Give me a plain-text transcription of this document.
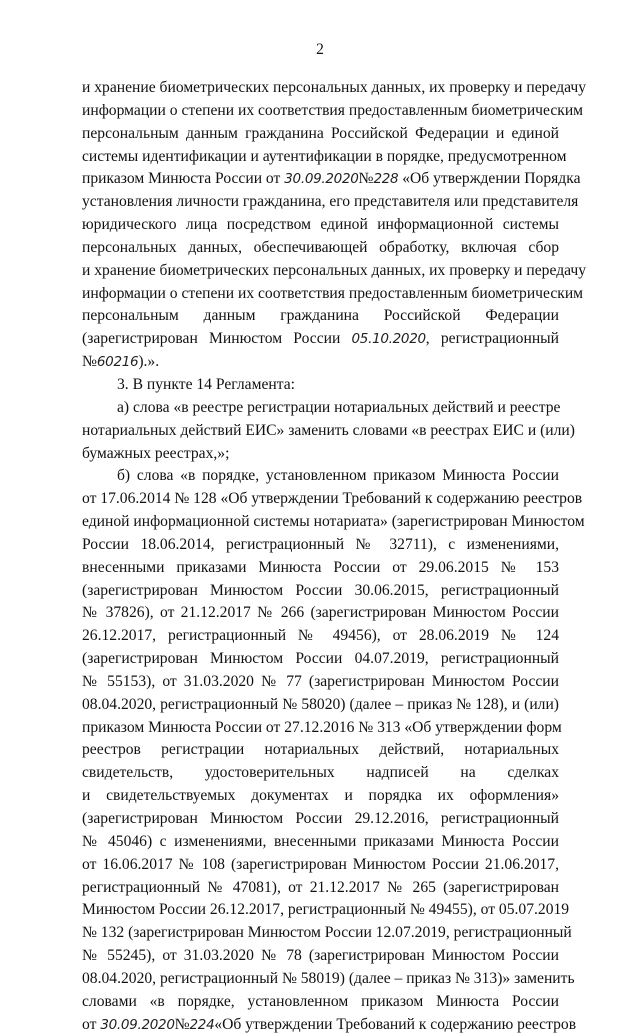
2
и хранение биометрических персональных данных, их проверку и передачу
информации о степени их соответствия предоставленным биометрическим
персональным данным гражданина Российской Федерации и единой
системы идентификации и аутентификации в порядке, предусмотренном
приказом Минюста России от 30.09.2020№228 «Об утверждении Порядка
установления личности гражданина, его представителя или представителя
юридического лица посредством единой информационной системы
персональных данных, обеспечивающей обработку, включая сбор
и хранение биометрических персональных данных, их проверку и передачу
информации о степени их соответствия предоставленным биометрическим
персональным данным гражданина Российской Федерации
(зарегистрирован Минюстом России 05.10.2020, регистрационный
№60216).».
3. В пункте 14 Регламента:
а) слова «в реестре регистрации нотариальных действий и реестре
нотариальных действий ЕИС» заменить словами «в реестрах ЕИС и (или)
бумажных реестрах,»;
б) слова «в порядке, установленном приказом Минюста России
от 17.06.2014 № 128 «Об утверждении Требований к содержанию реестров
единой информационной системы нотариата» (зарегистрирован Минюстом
России 18.06.2014, регистрационный № 32711), с изменениями,
внесенными приказами Минюста России от 29.06.2015 № 153
(зарегистрирован Минюстом России 30.06.2015, регистрационный
№ 37826), от 21.12.2017 № 266 (зарегистрирован Минюстом России
26.12.2017, регистрационный № 49456), от 28.06.2019 № 124
(зарегистрирован Минюстом России 04.07.2019, регистрационный
№ 55153), от 31.03.2020 № 77 (зарегистрирован Минюстом России
08.04.2020, регистрационный № 58020) (далее – приказ № 128), и (или)
приказом Минюста России от 27.12.2016 № 313 «Об утверждении форм
реестров регистрации нотариальных действий, нотариальных
свидетельств, удостоверительных надписей на сделках
и свидетельствуемых документах и порядка их оформления»
(зарегистрирован Минюстом России 29.12.2016, регистрационный
№ 45046) с изменениями, внесенными приказами Минюста России
от 16.06.2017 № 108 (зарегистрирован Минюстом России 21.06.2017,
регистрационный № 47081), от 21.12.2017 № 265 (зарегистрирован
Минюстом России 26.12.2017, регистрационный № 49455), от 05.07.2019
№ 132 (зарегистрирован Минюстом России 12.07.2019, регистрационный
№ 55245), от 31.03.2020 № 78 (зарегистрирован Минюстом России
08.04.2020, регистрационный № 58019) (далее – приказ № 313)» заменить
словами «в порядке, установленном приказом Минюста России
от 30.09.2020№224«Об утверждении Требований к содержанию реестров
